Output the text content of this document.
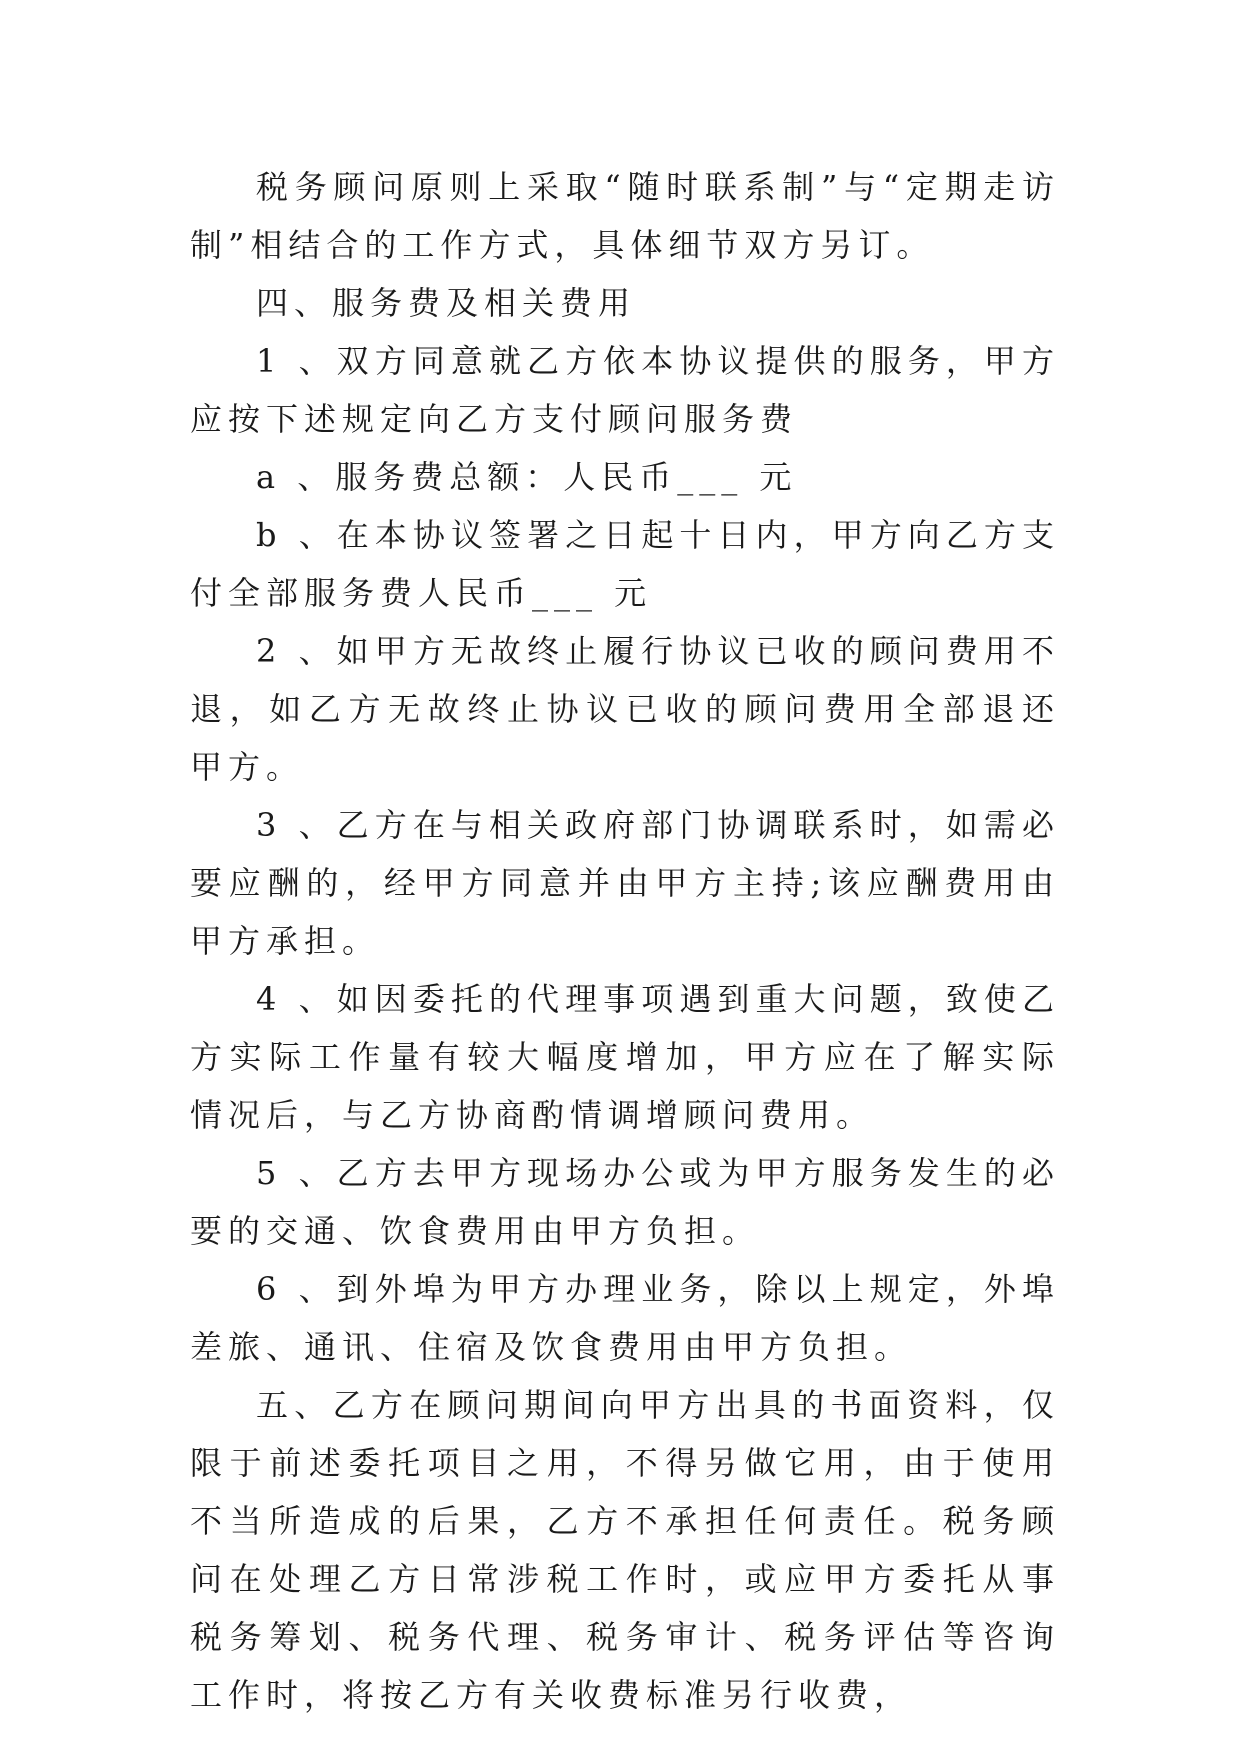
税务顾问原则上采取“随时联系制”与“定期走访制”相结合的工作方式，具体细节双方另订。

四、服务费及相关费用

1 、双方同意就乙方依本协议提供的服务，甲方应按下述规定向乙方支付顾问服务费

a 、服务费总额：人民币___ 元

b 、在本协议签署之日起十日内，甲方向乙方支付全部服务费人民币___ 元

2 、如甲方无故终止履行协议已收的顾问费用不退，如乙方无故终止协议已收的顾问费用全部退还甲方。

3 、乙方在与相关政府部门协调联系时，如需必要应酬的，经甲方同意并由甲方主持;该应酬费用由甲方承担。

4 、如因委托的代理事项遇到重大问题，致使乙方实际工作量有较大幅度增加，甲方应在了解实际情况后，与乙方协商酌情调增顾问费用。

5 、乙方去甲方现场办公或为甲方服务发生的必要的交通、饮食费用由甲方负担。

6 、到外埠为甲方办理业务，除以上规定，外埠差旅、通讯、住宿及饮食费用由甲方负担。

五、乙方在顾问期间向甲方出具的书面资料，仅限于前述委托项目之用，不得另做它用，由于使用不当所造成的后果，乙方不承担任何责任。税务顾问在处理乙方日常涉税工作时，或应甲方委托从事税务筹划、税务代理、税务审计、税务评估等咨询工作时，将按乙方有关收费标准另行收费，
